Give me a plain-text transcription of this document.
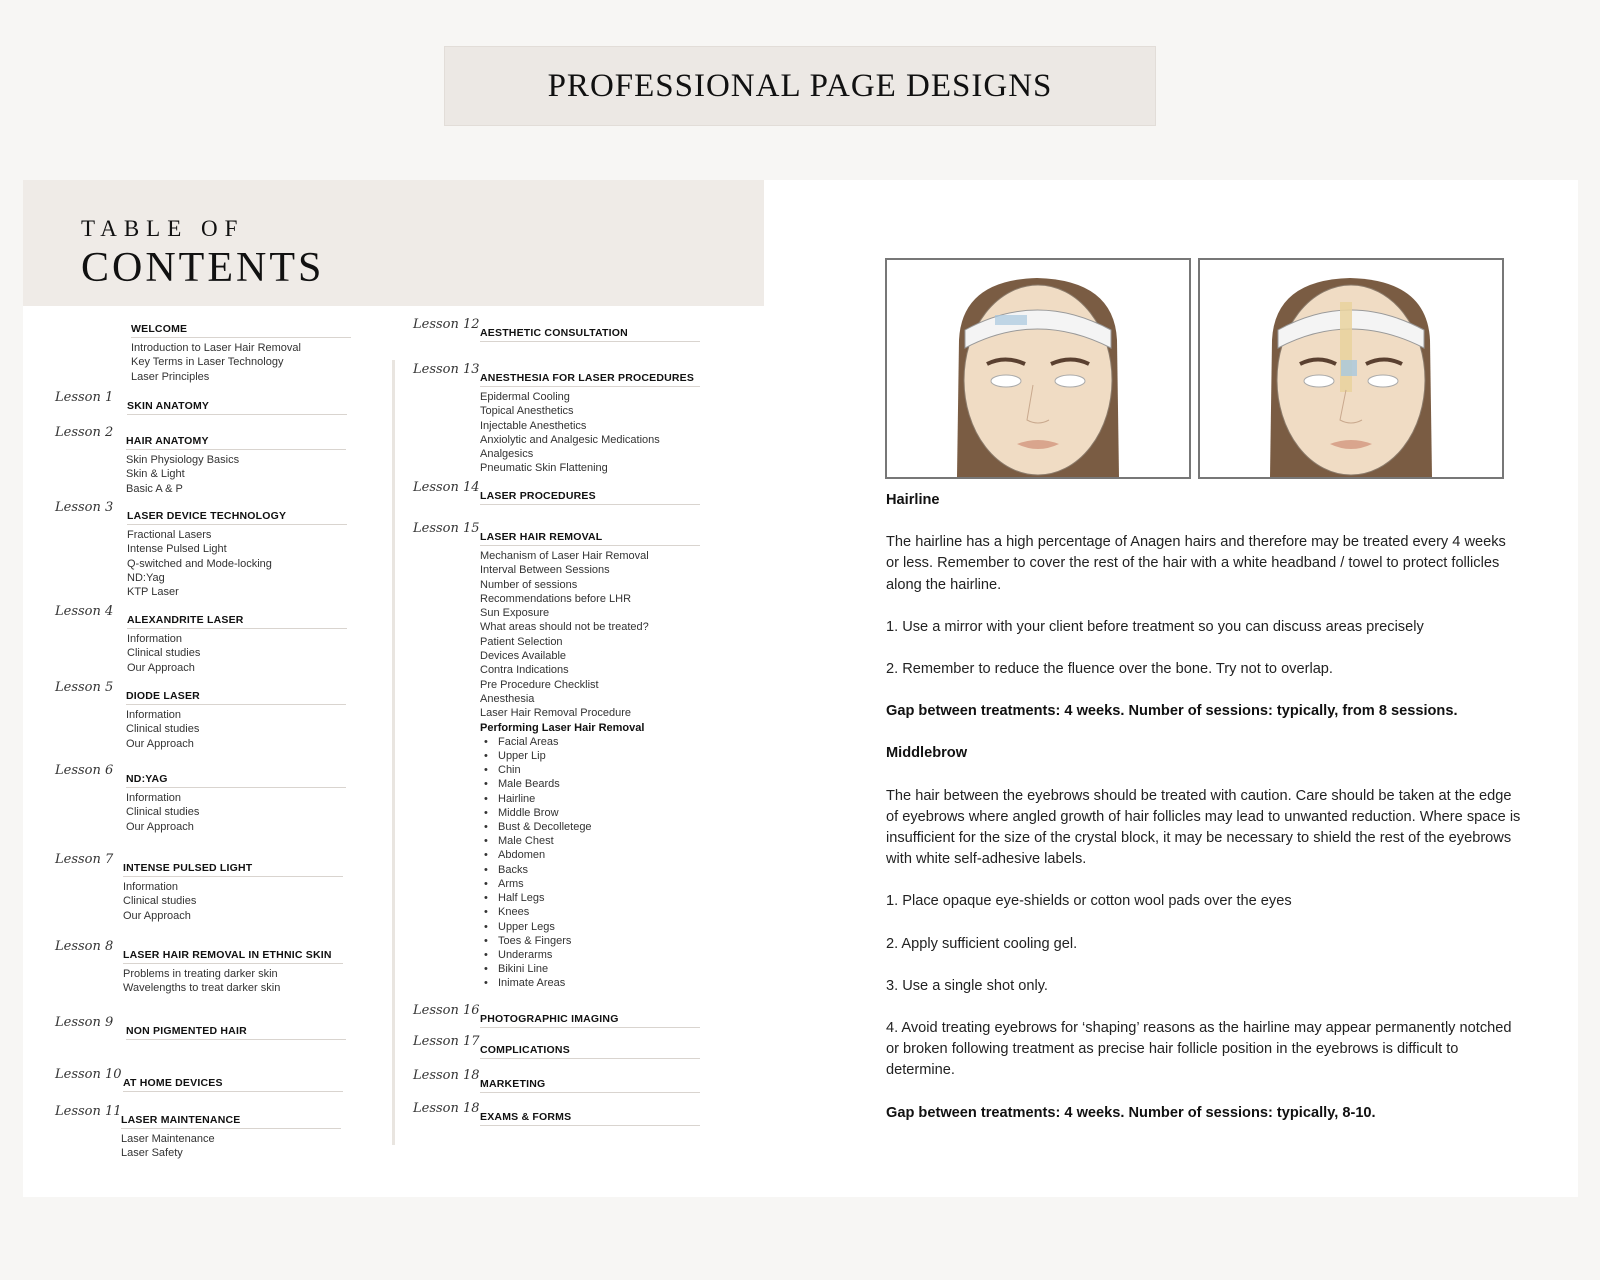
PROFESSIONAL PAGE DESIGNS
TABLE OF
CONTENTS
WELCOME
Introduction to Laser Hair Removal
Key Terms in Laser Technology
Laser Principles
Lesson 1
SKIN ANATOMY
Lesson 2
HAIR ANATOMY
Skin Physiology Basics
Skin & Light
Basic A & P
Lesson 3
LASER DEVICE TECHNOLOGY
Fractional Lasers
Intense Pulsed Light
Q-switched and Mode-locking
ND:Yag
KTP Laser
Lesson 4
ALEXANDRITE LASER
Information
Clinical studies
Our Approach
Lesson 5
DIODE LASER
Information
Clinical studies
Our Approach
Lesson 6
ND:YAG
Information
Clinical studies
Our Approach
Lesson 7
INTENSE PULSED LIGHT
Information
Clinical studies
Our Approach
Lesson 8
LASER HAIR REMOVAL IN ETHNIC SKIN
Problems in treating darker skin
Wavelengths to treat darker skin
Lesson 9
NON PIGMENTED HAIR
Lesson 10
AT HOME DEVICES
Lesson 11
LASER MAINTENANCE
Laser Maintenance
Laser Safety
Lesson 12
AESTHETIC CONSULTATION
Lesson 13
ANESTHESIA FOR LASER PROCEDURES
Epidermal Cooling
Topical Anesthetics
Injectable Anesthetics
Anxiolytic and Analgesic Medications
Analgesics
Pneumatic Skin Flattening
Lesson 14
LASER PROCEDURES
Lesson 15
LASER HAIR REMOVAL
Mechanism of Laser Hair Removal
Interval Between Sessions
Number of sessions
Recommendations before LHR
Sun Exposure
What areas should not be treated?
Patient Selection
Devices Available
Contra Indications
Pre Procedure Checklist
Anesthesia
Laser Hair Removal Procedure
Performing Laser Hair Removal
• Facial Areas
• Upper Lip
• Chin
• Male Beards
• Hairline
• Middle Brow
• Bust & Decolletege
• Male Chest
• Abdomen
• Backs
• Arms
• Half Legs
• Knees
• Upper Legs
• Toes & Fingers
• Underarms
• Bikini Line
• Inimate Areas
Lesson 16
PHOTOGRAPHIC IMAGING
Lesson 17
COMPLICATIONS
Lesson 18
MARKETING
Lesson 18
EXAMS & FORMS

Hairline

The hairline has a high percentage of Anagen hairs and therefore may be treated every 4 weeks or less. Remember to cover the rest of the hair with a white headband / towel to protect follicles along the hairline.

1. Use a mirror with your client before treatment so you can discuss areas precisely

2. Remember to reduce the fluence over the bone. Try not to overlap.

Gap between treatments: 4 weeks. Number of sessions: typically, from 8 sessions.

Middlebrow

The hair between the eyebrows should be treated with caution. Care should be taken at the edge of eyebrows where angled growth of hair follicles may lead to unwanted reduction. Where space is insufficient for the size of the crystal block, it may be necessary to shield the rest of the eyebrows with white self-adhesive labels.

1. Place opaque eye-shields or cotton wool pads over the eyes

2. Apply sufficient cooling gel.

3. Use a single shot only.

4. Avoid treating eyebrows for ‘shaping’ reasons as the hairline may appear permanently notched or broken following treatment as precise hair follicle position in the eyebrows is difficult to determine.

Gap between treatments: 4 weeks. Number of sessions: typically, 8-10.
